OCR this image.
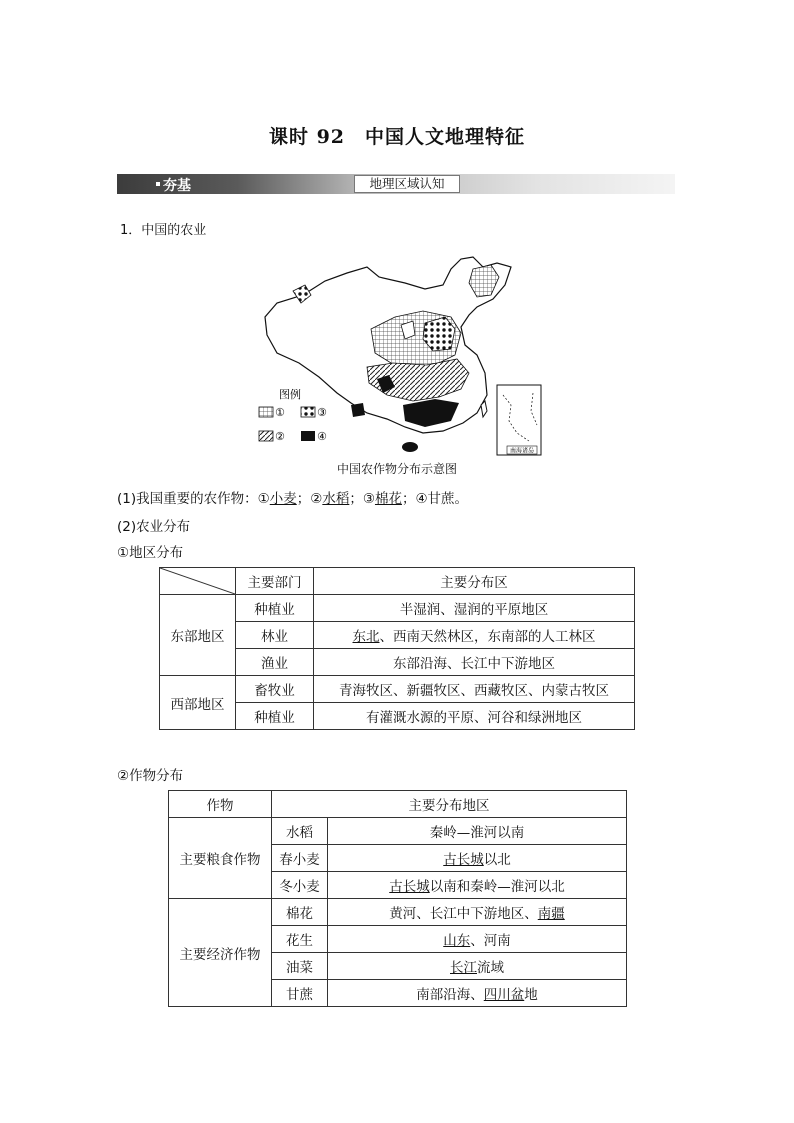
课时 92　中国人文地理特征
夯基	地理区域认知
1．中国的农业
图例
①	③
②	④
南海诸岛
中国农作物分布示意图
(1)我国重要的农作物：①小麦；②水稻；③棉花；④甘蔗。
(2)农业分布
①地区分布
	主要部门	主要分布区
东部地区	种植业	半湿润、湿润的平原地区
	林业	东北、西南天然林区，东南部的人工林区
	渔业	东部沿海、长江中下游地区
西部地区	畜牧业	青海牧区、新疆牧区、西藏牧区、内蒙古牧区
	种植业	有灌溉水源的平原、河谷和绿洲地区
②作物分布
作物	主要分布地区	
主要粮食作物	水稻	秦岭—淮河以南
	春小麦	古长城以北
	冬小麦	古长城以南和秦岭—淮河以北
主要经济作物	棉花	黄河、长江中下游地区、南疆
	花生	山东、河南
	油菜	长江流域
	甘蔗	南部沿海、四川盆地
